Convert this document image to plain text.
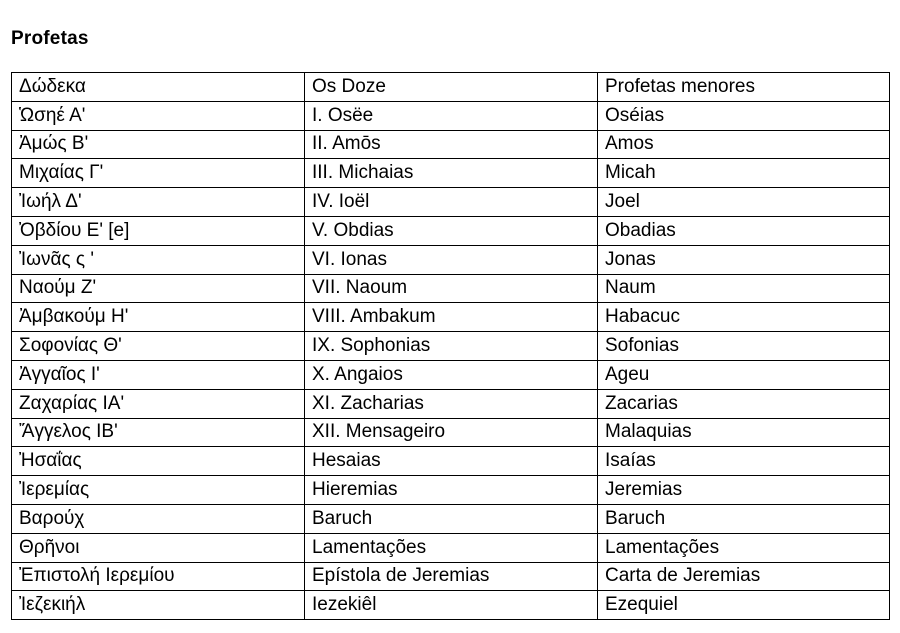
Profetas
Δώδεκα	Os Doze	Profetas menores
Ὡσηέ Α'	I. Osëe	Oséias
Ἀμώς Β'	II. Amōs	Amos
Μιχαίας Γ'	III. Michaias	Micah
Ἰωήλ Δ'	IV. Ioël	Joel
Ὀβδίου Ε' [e]	V. Obdias	Obadias
Ἰωνᾶς ς '	VI. Ionas	Jonas
Ναούμ Ζ'	VII. Naoum	Naum
Ἀμβακούμ Η'	VIII. Ambakum	Habacuc
Σοφονίας Θ'	IX. Sophonias	Sofonias
Ἀγγαῖος Ι'	X. Angaios	Ageu
Ζαχαρίας ΙΑ'	XI. Zacharias	Zacarias
Ἄγγελος ΙΒ'	XII. Mensageiro	Malaquias
Ἠσαΐας	Hesaias	Isaías
Ἰερεμίας	Hieremias	Jeremias
Βαρούχ	Baruch	Baruch
Θρῆνοι	Lamentações	Lamentações
Ἐπιστολή Ιερεμίου	Epístola de Jeremias	Carta de Jeremias
Ἰεζεκιήλ	Iezekiêl	Ezequiel
